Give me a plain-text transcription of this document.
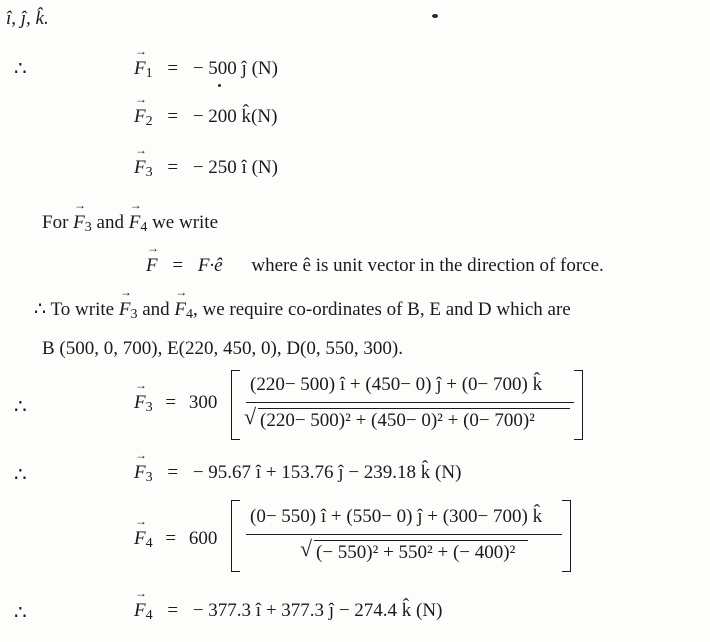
î, ĵ, k̂.
∴	→ $F_1$ = − 500 ĵ (N)
→ $F_2$ = − 200 k̂(N)
→ $F_3$ = − 250 î (N)
For → $F_3$ and → $F_4$ we write
→ F = F·ê where ê is unit vector in the direction of force.
∴ To write → $F_3$ and → $F_4$, we require co-ordinates of B, E and D which are
B (500, 0, 700), E(220, 450, 0), D(0, 550, 300).
∴	→ $F_3 = 300$
(220− 500) î + (450− 0) ĵ + (0− 700) k̂
√ (220− 500)² + (450− 0)² + (0− 700)²
∴	→ $F_3$ = − 95.67 î + 153.76 ĵ − 239.18 k̂ (N)
→ $F_4 = 600$
(0− 550) î + (550− 0) ĵ + (300− 700) k̂
√ (− 550)² + 550² + (− 400)²
∴	→ $F_4$ = − 377.3 î + 377.3 ĵ − 274.4 k̂ (N)
